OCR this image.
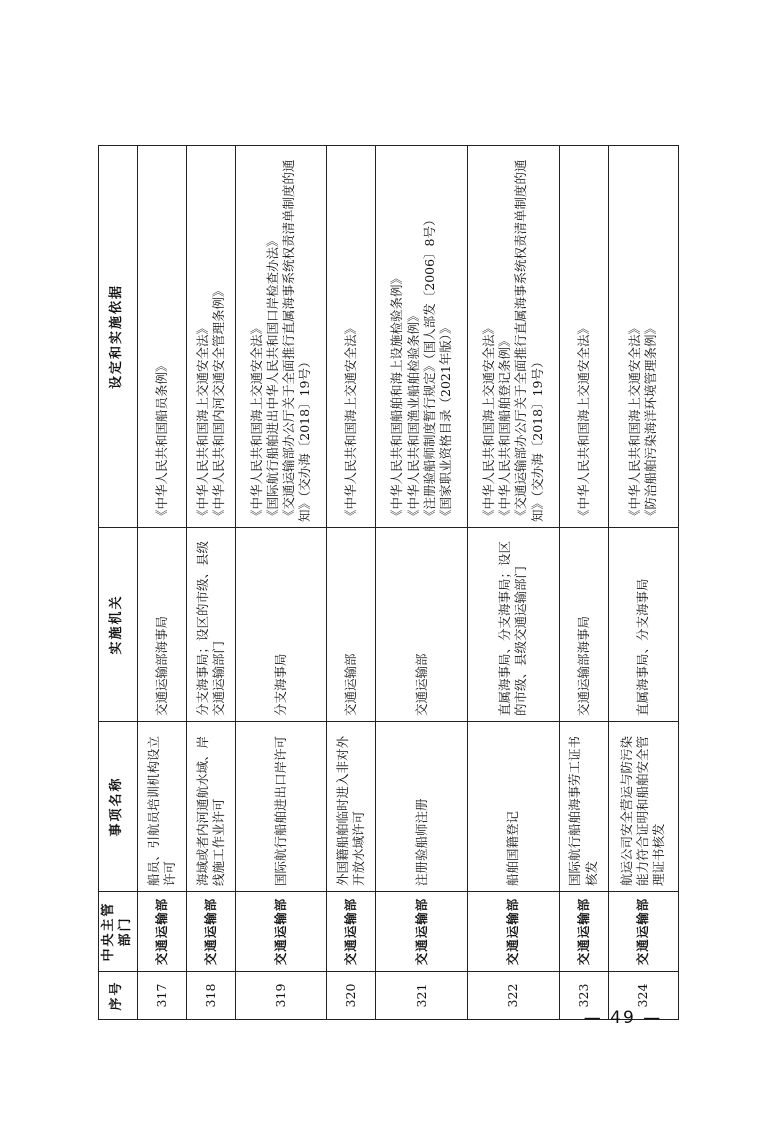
序号	中央主管部门	事项名称	实施机关	设定和实施依据
317	交通运输部	船员、引航员培训机构设立许可	交通运输部海事局	《中华人民共和国船员条例》

318	交通运输部	海域或者内河通航水域、岸线施工作业许可	分支海事局；设区的市级、县级交通运输部门	《中华人民共和国海上交通安全法》 《中华人民共和国内河交通安全管理条例》

319	交通运输部	国际航行船舶进出口岸许可	分支海事局	《中华人民共和国海上交通安全法》 《国际航行船舶进出中华人民共和国口岸检查办法》 《交通运输部办公厅关于全面推行直属海事系统权责清单制度的通知》（交办海〔2018〕19号）

320	交通运输部	外国籍船舶临时进入非对外开放水域许可	交通运输部	《中华人民共和国海上交通安全法》

321	交通运输部	注册验船师注册	交通运输部	《中华人民共和国船舶和海上设施检验条例》 《中华人民共和国渔业船舶检验条例》 《注册验船师制度暂行规定》（国人部发〔2006〕8号） 《国家职业资格目录（2021年版）》

322	交通运输部	船舶国籍登记	直属海事局、分支海事局；设区的市级、县级交通运输部门	《中华人民共和国海上交通安全法》 《中华人民共和国船舶登记条例》 《交通运输部办公厅关于全面推行直属海事系统权责清单制度的通知》（交办海〔2018〕19号）

323	交通运输部	国际航行船舶海事劳工证书核发	交通运输部海事局	《中华人民共和国海上交通安全法》

324	交通运输部	航运公司安全营运与防污染能力符合证明和船舶安全管理证书核发	直属海事局、分支海事局	《中华人民共和国海上交通安全法》 《防治船舶污染海洋环境管理条例》
— 49 —
